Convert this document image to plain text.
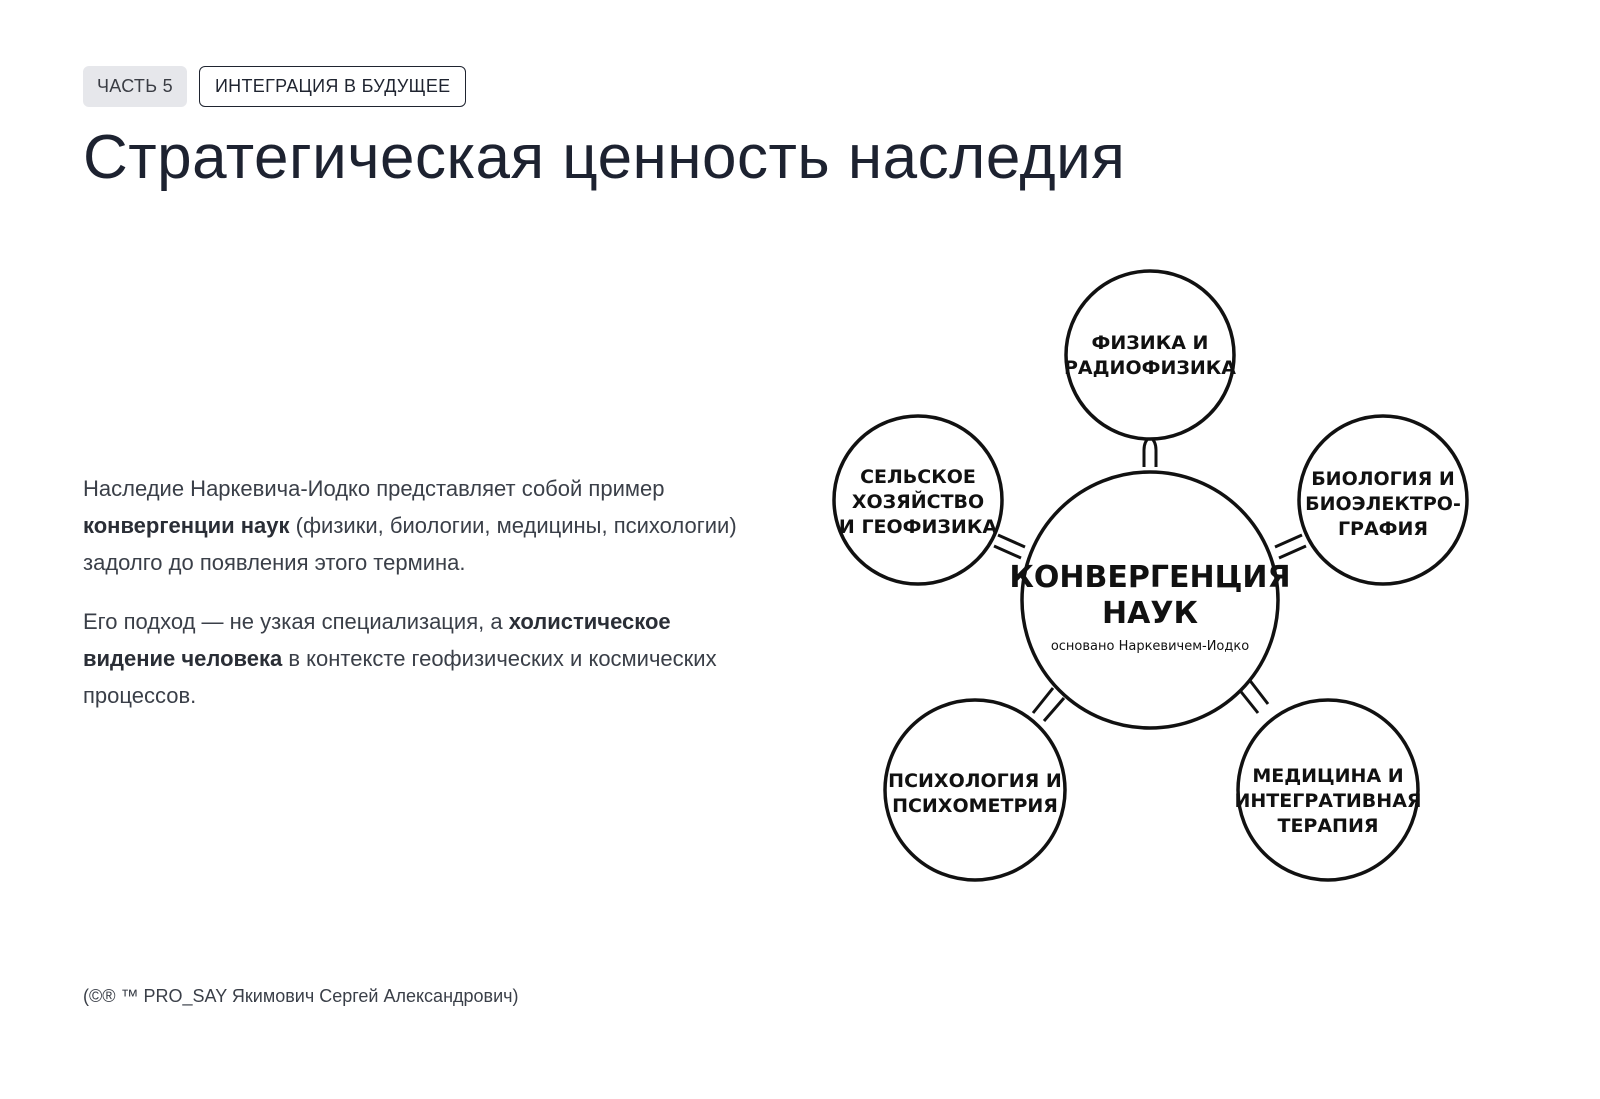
ЧАСТЬ 5	ИНТЕГРАЦИЯ В БУДУЩЕЕ
Стратегическая ценность наследия

Наследие Наркевича-Иодко представляет собой пример конвергенции наук (физики, биологии, медицины, психологии) задолго до появления этого термина.

Его подход — не узкая специализация, а холистическое видение человека в контексте геофизических и космических процессов.

КОНВЕРГЕНЦИЯ
НАУК
основано Наркевичем-Иодко
ФИЗИКА И
РАДИОФИЗИКА
СЕЛЬСКОЕ
ХОЗЯЙСТВО
И ГЕОФИЗИКА
БИОЛОГИЯ И
БИОЭЛЕКТРО-
ГРАФИЯ
ПСИХОЛОГИЯ И
ПСИХОМЕТРИЯ
МЕДИЦИНА И
ИНТЕГРАТИВНАЯ
ТЕРАПИЯ
(©® ™ PRO_SAY Якимович Сергей Александрович)
